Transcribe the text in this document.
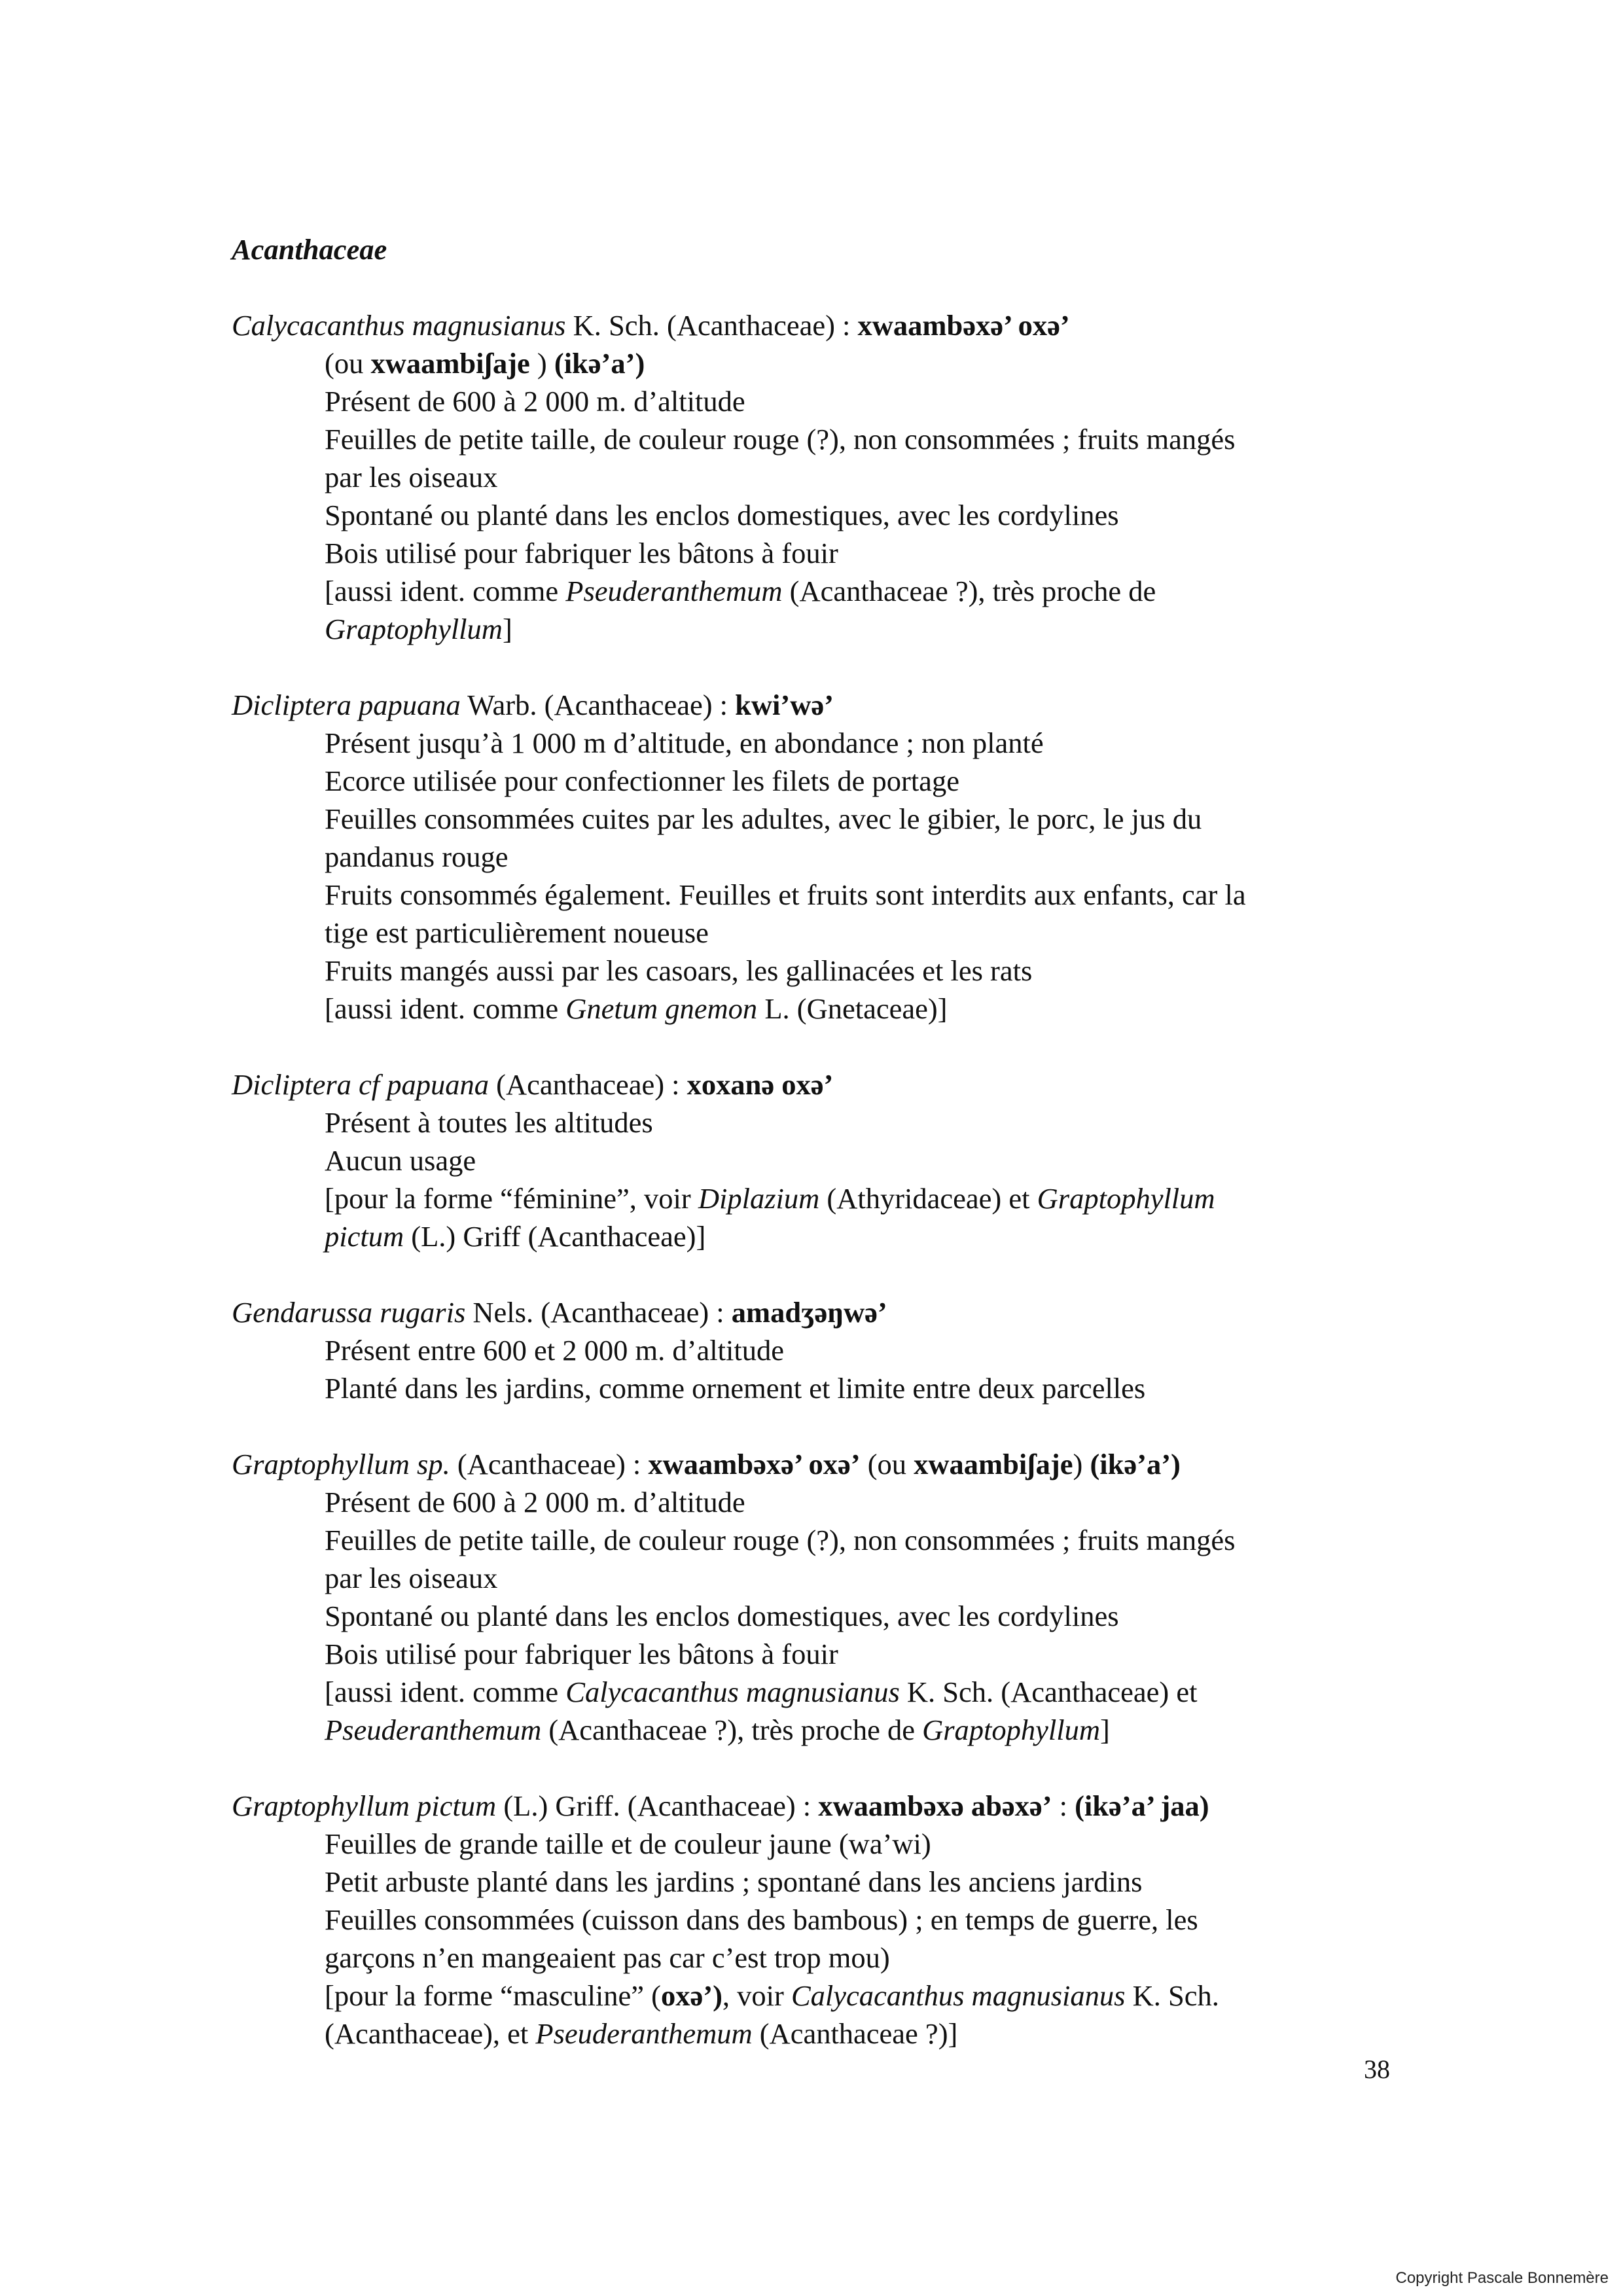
Acanthaceae
Calycacanthus magnusianus K. Sch. (Acanthaceae) : xwaambəxə’ oxə’
(ou xwaambiʃaje ) (ikə’a’)
Présent de 600 à 2 000 m. d’altitude
Feuilles de petite taille, de couleur rouge (?), non consommées ; fruits mangés
par les oiseaux
Spontané ou planté dans les enclos domestiques, avec les cordylines
Bois utilisé pour fabriquer les bâtons à fouir
[aussi ident. comme Pseuderanthemum (Acanthaceae ?), très proche de
Graptophyllum]
Dicliptera papuana Warb. (Acanthaceae) : kwi’wə’
Présent jusqu’à 1 000 m d’altitude, en abondance ; non planté
Ecorce utilisée pour confectionner les filets de portage
Feuilles consommées cuites par les adultes, avec le gibier, le porc, le jus du
pandanus rouge
Fruits consommés également. Feuilles et fruits sont interdits aux enfants, car la
tige est particulièrement noueuse
Fruits mangés aussi par les casoars, les gallinacées et les rats
[aussi ident. comme Gnetum gnemon L. (Gnetaceae)]
Dicliptera cf papuana (Acanthaceae) : xoxanə oxə’
Présent à toutes les altitudes
Aucun usage
[pour la forme “féminine”, voir Diplazium (Athyridaceae) et Graptophyllum
pictum (L.) Griff (Acanthaceae)]
Gendarussa rugaris Nels. (Acanthaceae) : amadʒəŋwə’
Présent entre 600 et 2 000 m. d’altitude
Planté dans les jardins, comme ornement et limite entre deux parcelles
Graptophyllum sp. (Acanthaceae) : xwaambəxə’ oxə’ (ou xwaambiʃaje) (ikə’a’)
Présent de 600 à 2 000 m. d’altitude
Feuilles de petite taille, de couleur rouge (?), non consommées ; fruits mangés
par les oiseaux
Spontané ou planté dans les enclos domestiques, avec les cordylines
Bois utilisé pour fabriquer les bâtons à fouir
[aussi ident. comme Calycacanthus magnusianus K. Sch. (Acanthaceae) et
Pseuderanthemum (Acanthaceae ?), très proche de Graptophyllum]
Graptophyllum pictum (L.) Griff. (Acanthaceae) : xwaambəxə abəxə’ : (ikə’a’ jaa)
Feuilles de grande taille et de couleur jaune (wa’wi)
Petit arbuste planté dans les jardins ; spontané dans les anciens jardins
Feuilles consommées (cuisson dans des bambous) ; en temps de guerre, les
garçons n’en mangeaient pas car c’est trop mou)
[pour la forme “masculine” (oxə’), voir Calycacanthus magnusianus K. Sch.
(Acanthaceae), et Pseuderanthemum (Acanthaceae ?)]
38
Copyright Pascale Bonnemère
